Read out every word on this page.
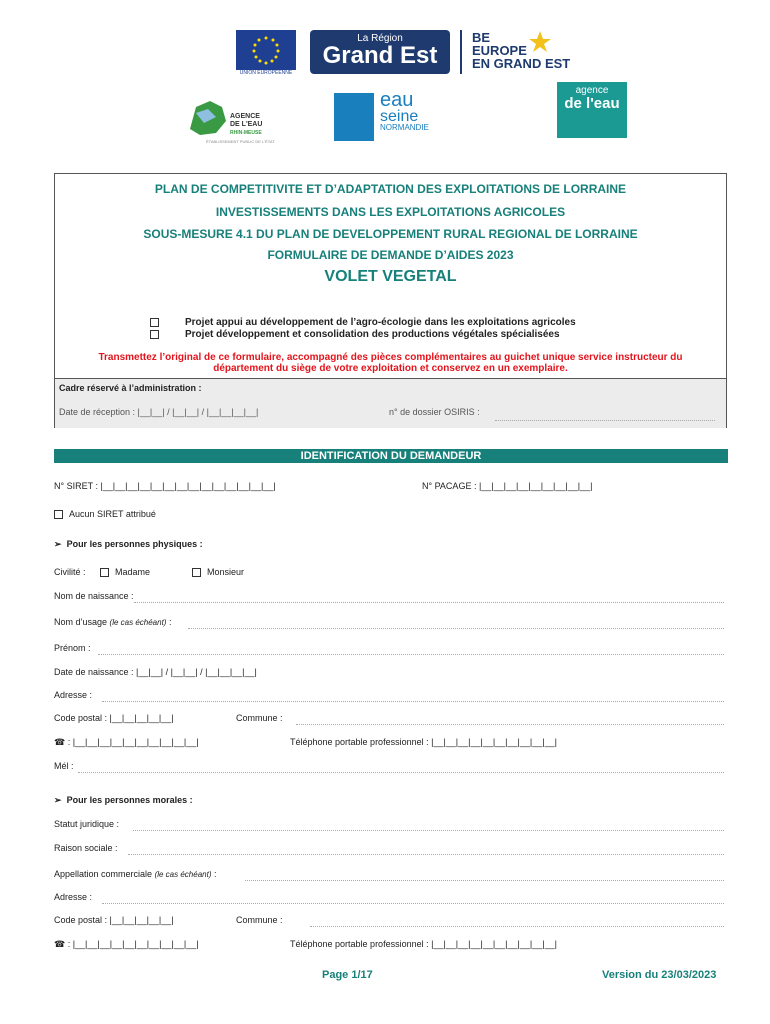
UNION EUROPÉENNE
La Région
Grand Est
BE
EUROPE
EN GRAND EST
AGENCE
DE L'EAU
RHIN-MEUSE
ÉTABLISSEMENT PUBLIC DE L'ÉTAT
eau
seine
NORMANDIE
agence
de l'eau
PLAN DE COMPETITIVITE ET D’ADAPTATION DES EXPLOITATIONS DE LORRAINE
INVESTISSEMENTS DANS LES EXPLOITATIONS AGRICOLES
SOUS-MESURE 4.1 DU PLAN DE DEVELOPPEMENT RURAL REGIONAL DE LORRAINE
FORMULAIRE DE DEMANDE D’AIDES 2023
VOLET VEGETAL
Projet appui au développement de l’agro-écologie dans les exploitations agricoles
Projet développement et consolidation des productions végétales spécialisées
Transmettez l’original de ce formulaire, accompagné des pièces complémentaires au guichet unique service instructeur du
département du siège de votre exploitation et conservez en un exemplaire.
Cadre réservé à l’administration :
Date de réception : |__|__| / |__|__| / |__|__|__|__|	n° de dossier OSIRIS :
IDENTIFICATION DU DEMANDEUR
N° SIRET : |__|__|__|__|__|__|__|__|__|__|__|__|__|__|	N° PACAGE : |__|__|__|__|__|__|__|__|__|
Aucun SIRET attribué
➢ Pour les personnes physiques :
Civilité :	Madame	Monsieur
Nom de naissance :
Nom d’usage (le cas échéant) :
Prénom :
Date de naissance : |__|__| / |__|__| / |__|__|__|__|
Adresse :
Code postal : |__|__|__|__|__|	Commune :
☎ : |__|__|__|__|__|__|__|__|__|__|	Téléphone portable professionnel : |__|__|__|__|__|__|__|__|__|__|
Mél :
➢ Pour les personnes morales :
Statut juridique :
Raison sociale :
Appellation commerciale (le cas échéant) :
Adresse :
Code postal : |__|__|__|__|__|	Commune :
☎ : |__|__|__|__|__|__|__|__|__|__|	Téléphone portable professionnel : |__|__|__|__|__|__|__|__|__|__|
Page 1/17	Version du 23/03/2023
